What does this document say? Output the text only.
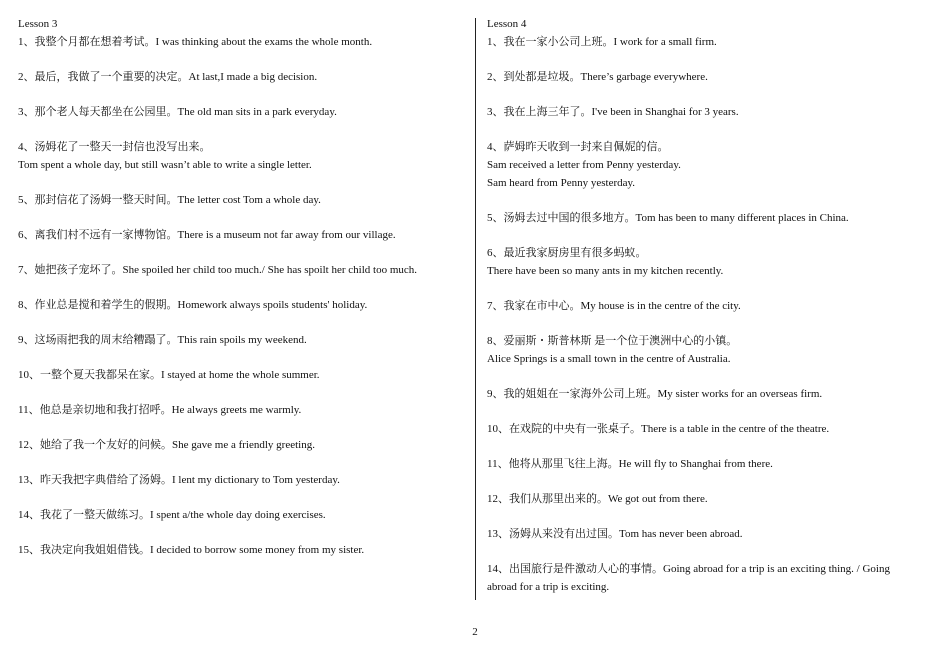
Lesson 3
1、我整个月都在想着考试。I was thinking about the exams the whole month.
2、最后，我做了一个重要的决定。At last,I made a big decision.
3、那个老人每天都坐在公园里。The old man sits in a park everyday.
4、汤姆花了一整天一封信也没写出来。
Tom spent a whole day, but still wasn’t able to write a single letter.
5、那封信花了汤姆一整天时间。The letter cost Tom a whole day.
6、离我们村不远有一家博物馆。There is a museum not far away from our village.
7、她把孩子宠坏了。She spoiled her child too much./ She has spoilt her child too much.
8、作业总是搅和着学生的假期。Homework always spoils students' holiday.
9、这场雨把我的周末给糟蹋了。This rain spoils my weekend.
10、一整个夏天我都呆在家。I stayed at home the whole summer.
11、他总是亲切地和我打招呼。He always greets me warmly.
12、她给了我一个友好的问候。She gave me a friendly greeting.
13、昨天我把字典借给了汤姆。I lent my dictionary to Tom yesterday.
14、我花了一整天做练习。I spent a/the whole day doing exercises.
15、我决定向我姐姐借钱。I decided to borrow some money from my sister.
Lesson 4
1、我在一家小公司上班。I work for a small firm.
2、到处都是垃圾。There’s garbage everywhere.
3、我在上海三年了。I've been in Shanghai for 3 years.
4、萨姆昨天收到一封来自佩妮的信。
Sam received a letter from Penny yesterday.
Sam heard from Penny yesterday.
5、汤姆去过中国的很多地方。Tom has been to many different places in China.
6、最近我家厨房里有很多蚂蚁。
There have been so many ants in my kitchen recently.
7、我家在市中心。My house is in the centre of the city.
8、爱丽斯・斯普林斯 是一个位于澳洲中心的小镇。
Alice Springs is a small town in the centre of Australia.
9、我的姐姐在一家海外公司上班。My sister works for an overseas firm.
10、在戏院的中央有一张桌子。There is a table in the centre of the theatre.
11、他将从那里飞往上海。He will fly to Shanghai from there.
12、我们从那里出来的。We got out from there.
13、汤姆从来没有出过国。Tom has never been abroad.
14、出国旅行是件激动人心的事情。Going abroad for a trip is an exciting thing. / Going
abroad for a trip is exciting.
2
